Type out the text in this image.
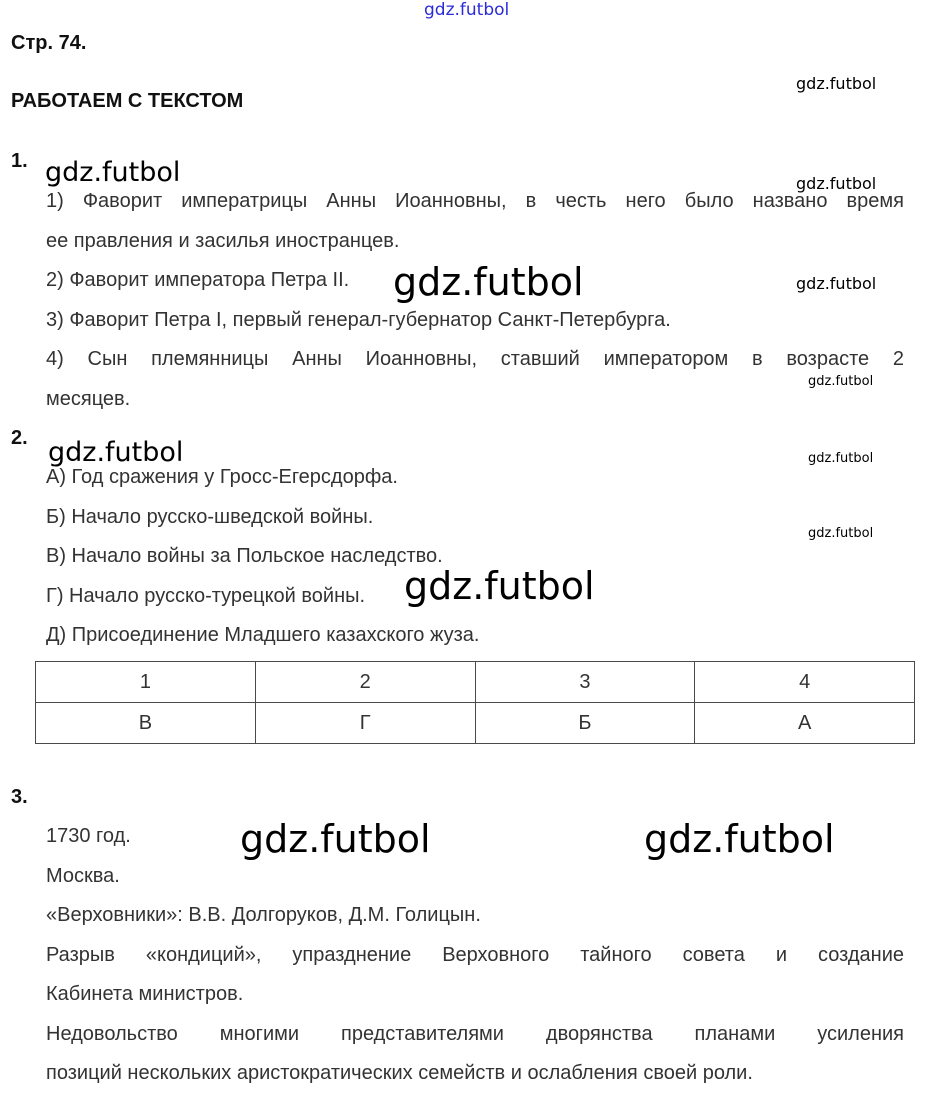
gdz.futbol
gdz.futbol
gdz.futbol	gdz.futbol
gdz.futbol	gdz.futbol
gdz.futbol
gdz.futbol	gdz.futbol
gdz.futbol
gdz.futbol
gdz.futbol	gdz.futbol
Стр. 74.
РАБОТАЕМ С ТЕКСТОМ
1.
1) Фаворит императрицы Анны Иоанновны, в честь него было названо время
ее правления и засилья иностранцев.
2) Фаворит императора Петра II.
3) Фаворит Петра I, первый генерал-губернатор Санкт-Петербурга.
4) Сын племянницы Анны Иоанновны, ставший императором в возрасте 2
месяцев.
2.
А) Год сражения у Гросс-Егерсдорфа.
Б) Начало русско-шведской войны.
В) Начало войны за Польское наследство.
Г) Начало русско-турецкой войны.
Д) Присоединение Младшего казахского жуза.
1	2	3	4
В	Г	Б	А
3.
1730 год.
Москва.
«Верховники»: В.В. Долгоруков, Д.М. Голицын.
Разрыв «кондиций», упразднение Верховного тайного совета и создание
Кабинета министров.
Недовольство многими представителями дворянства планами усиления
позиций нескольких аристократических семейств и ослабления своей роли.
